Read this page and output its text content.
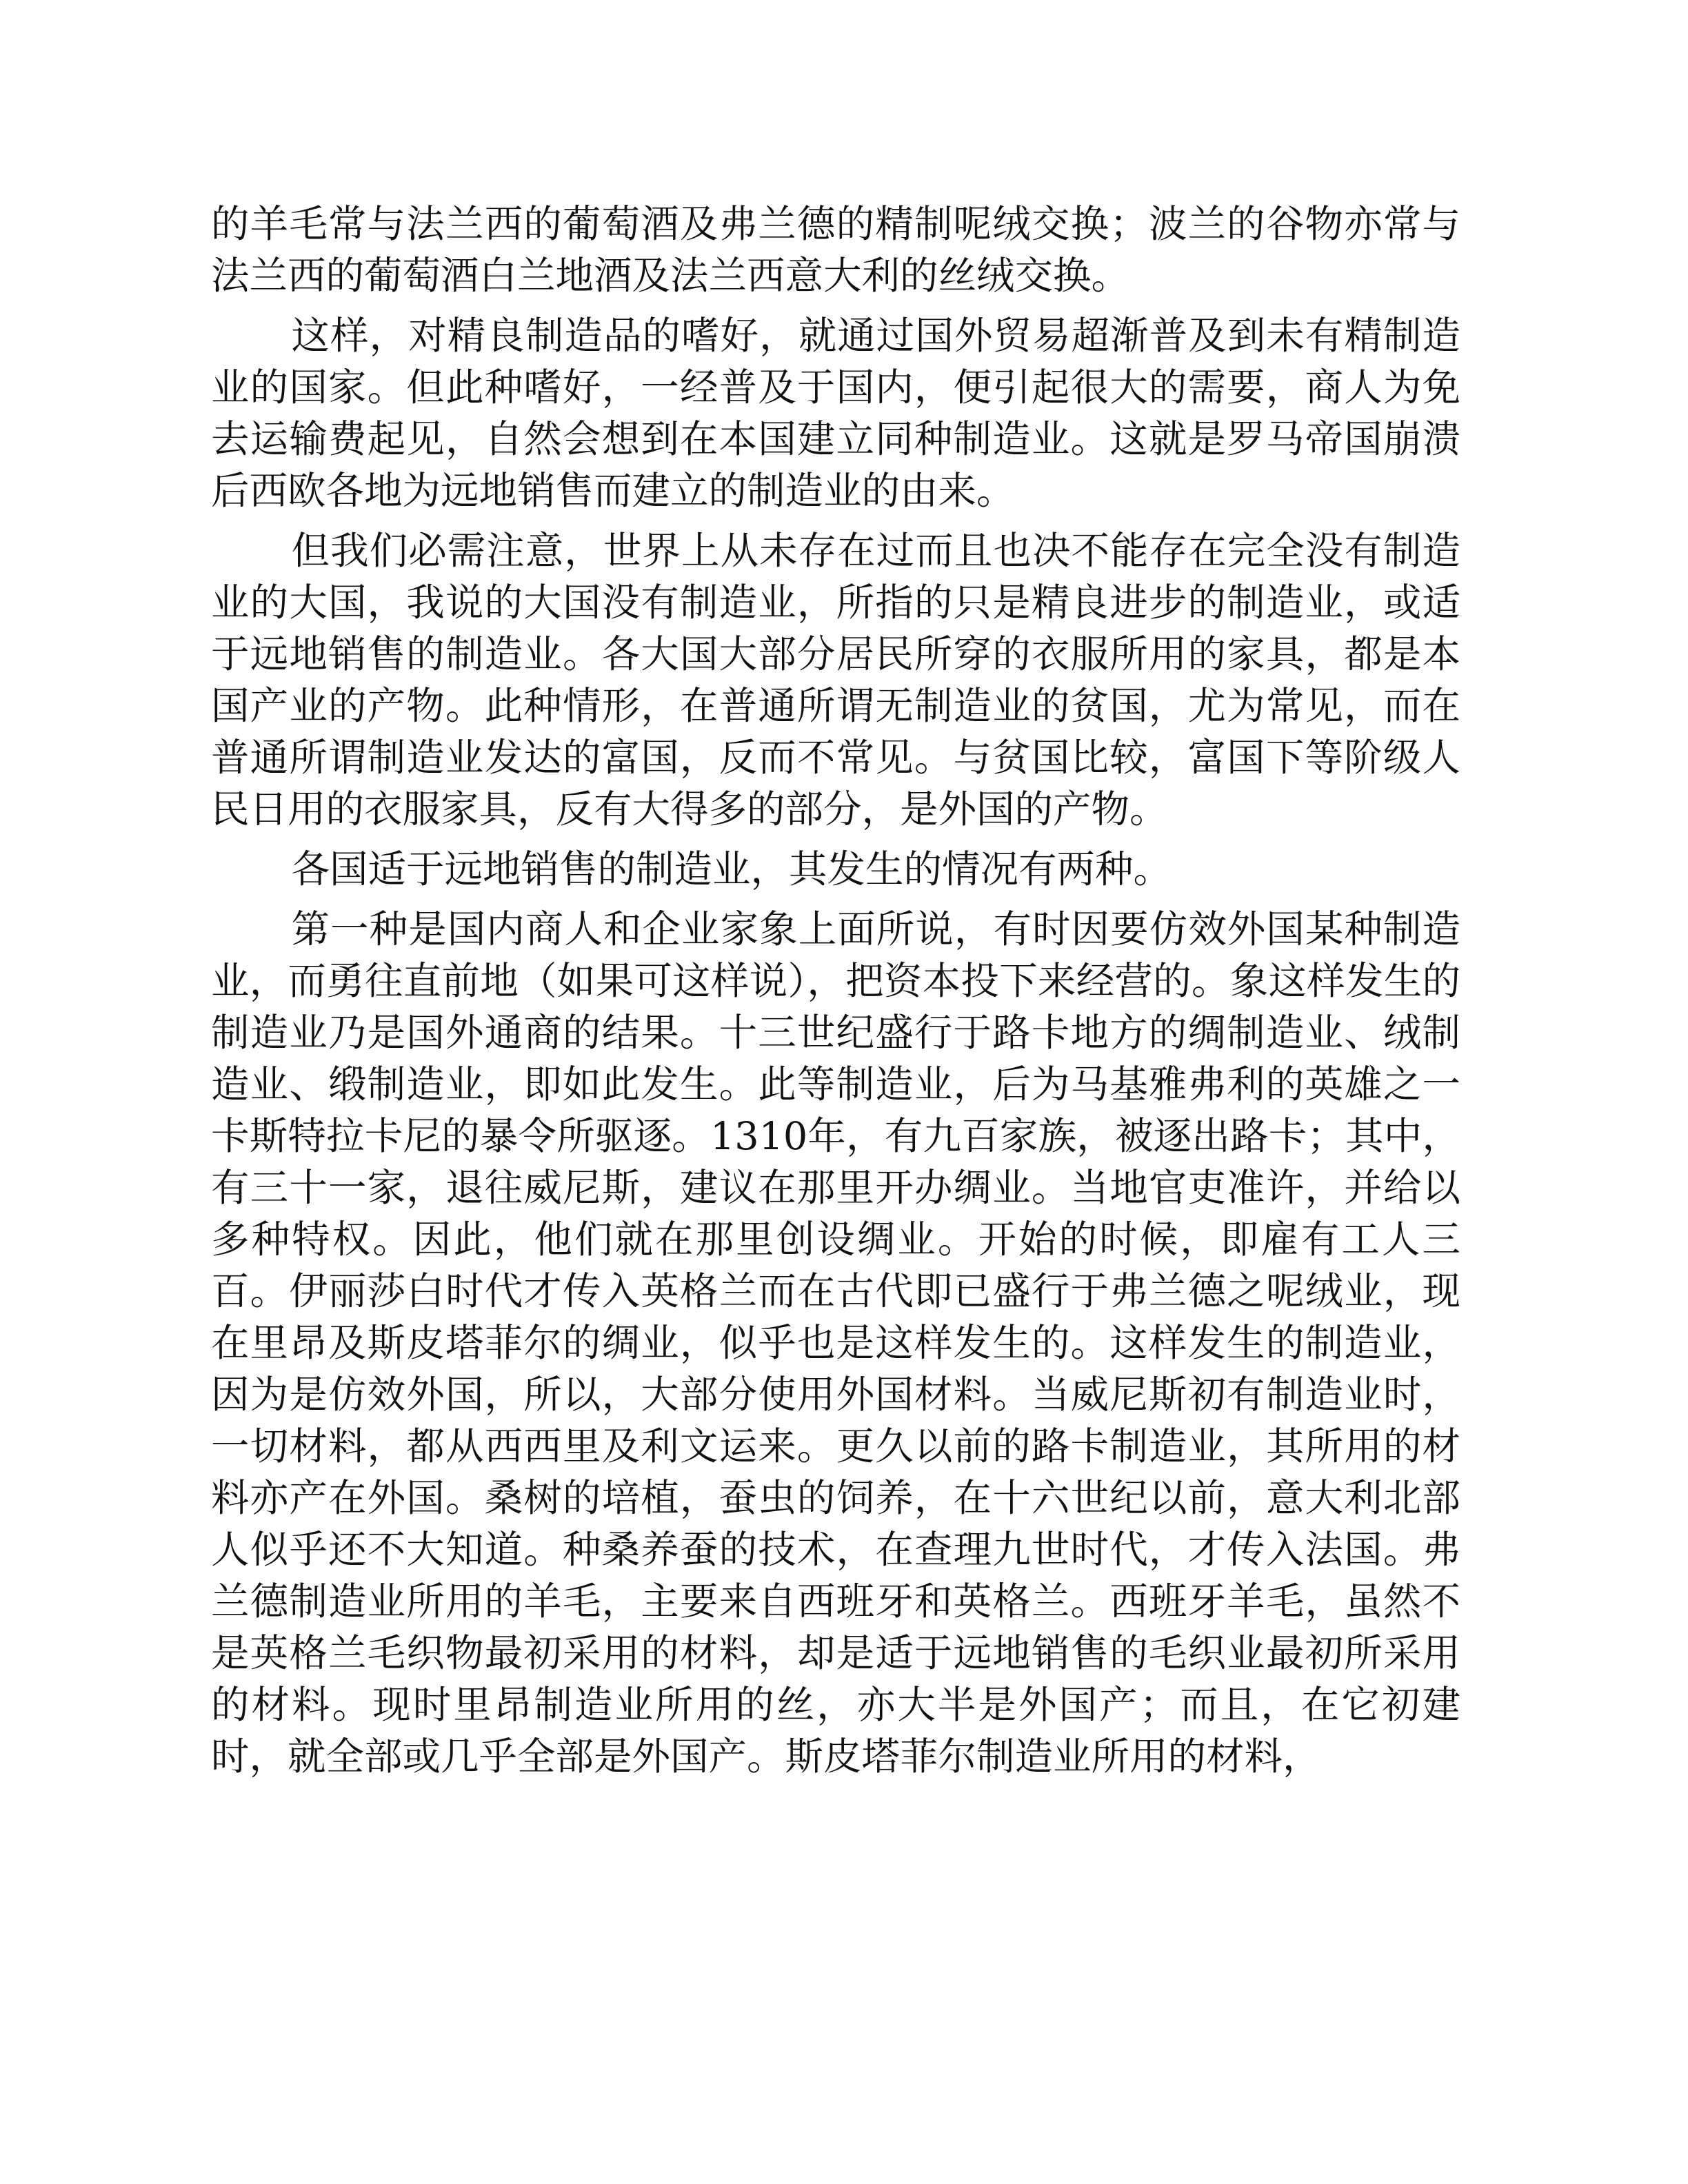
的羊毛常与法兰西的葡萄酒及弗兰德的精制呢绒交换；波兰的谷物亦常与法兰西的葡萄酒白兰地酒及法兰西意大利的丝绒交换。

这样，对精良制造品的嗜好，就通过国外贸易超渐普及到未有精制造业的国家。但此种嗜好，一经普及于国内，便引起很大的需要，商人为免去运输费起见，自然会想到在本国建立同种制造业。这就是罗马帝国崩溃后西欧各地为远地销售而建立的制造业的由来。

但我们必需注意，世界上从未存在过而且也决不能存在完全没有制造业的大国，我说的大国没有制造业，所指的只是精良进步的制造业，或适于远地销售的制造业。各大国大部分居民所穿的衣服所用的家具，都是本国产业的产物。此种情形，在普通所谓无制造业的贫国，尤为常见，而在普通所谓制造业发达的富国，反而不常见。与贫国比较，富国下等阶级人民日用的衣服家具，反有大得多的部分，是外国的产物。

各国适于远地销售的制造业，其发生的情况有两种。

第一种是国内商人和企业家象上面所说，有时因要仿效外国某种制造业，而勇往直前地（如果可这样说），把资本投下来经营的。象这样发生的制造业乃是国外通商的结果。十三世纪盛行于路卡地方的绸制造业、绒制造业、缎制造业，即如此发生。此等制造业，后为马基雅弗利的英雄之一卡斯特拉卡尼的暴令所驱逐。1310年，有九百家族，被逐出路卡；其中，有三十一家，退往威尼斯，建议在那里开办绸业。当地官吏准许，并给以多种特权。因此，他们就在那里创设绸业。开始的时候，即雇有工人三百。伊丽莎白时代才传入英格兰而在古代即已盛行于弗兰德之呢绒业，现在里昂及斯皮塔菲尔的绸业，似乎也是这样发生的。这样发生的制造业，因为是仿效外国，所以，大部分使用外国材料。当威尼斯初有制造业时，一切材料，都从西西里及利文运来。更久以前的路卡制造业，其所用的材料亦产在外国。桑树的培植，蚕虫的饲养，在十六世纪以前，意大利北部人似乎还不大知道。种桑养蚕的技术，在查理九世时代，才传入法国。弗兰德制造业所用的羊毛，主要来自西班牙和英格兰。西班牙羊毛，虽然不是英格兰毛织物最初采用的材料，却是适于远地销售的毛织业最初所采用的材料。现时里昂制造业所用的丝，亦大半是外国产；而且，在它初建时，就全部或几乎全部是外国产。斯皮塔菲尔制造业所用的材料，
